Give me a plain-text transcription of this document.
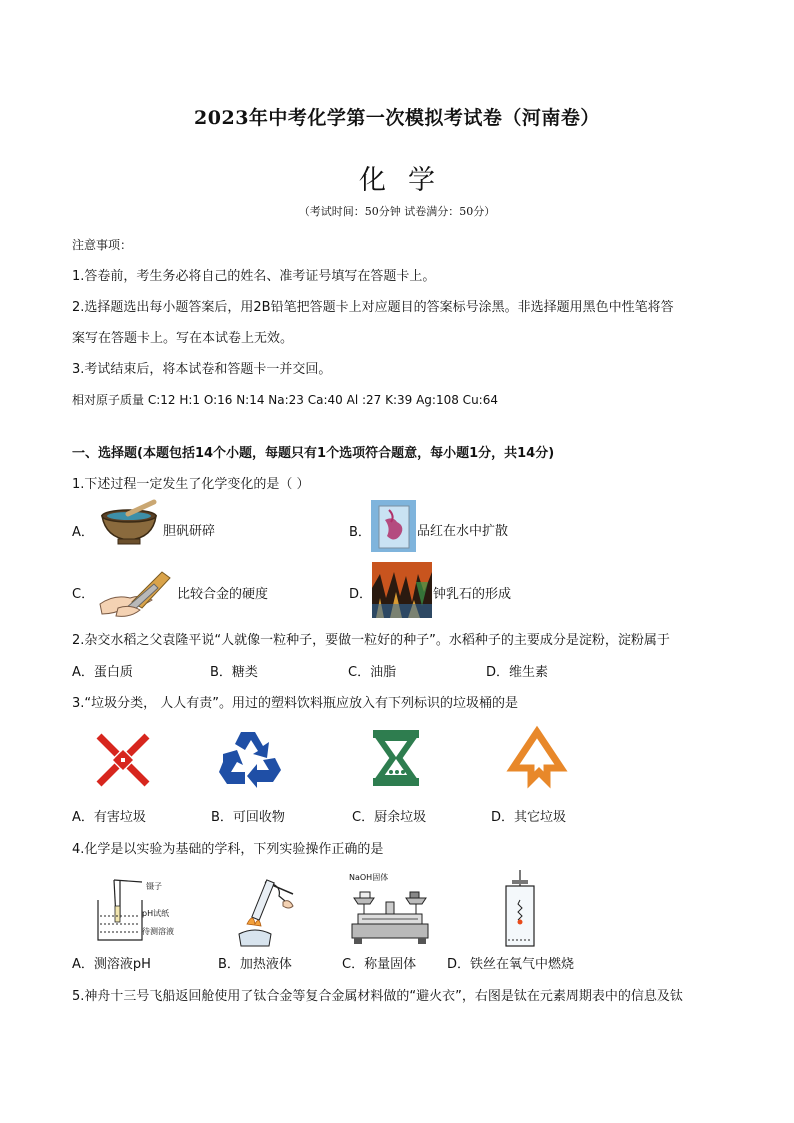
2023年中考化学第一次模拟考试卷（河南卷）
化学
（考试时间：50分钟 试卷满分：50分）
注意事项：
1.答卷前，考生务必将自己的姓名、准考证号填写在答题卡上。
2.选择题选出每小题答案后，用2B铅笔把答题卡上对应题目的答案标号涂黑。非选择题用黑色中性笔将答
案写在答题卡上。写在本试卷上无效。
3.考试结束后，将本试卷和答题卡一并交回。
相对原子质量 C:12 H:1 O:16 N:14 Na:23 Ca:40 Al :27 K:39 Ag:108 Cu:64
一、选择题(本题包括14个小题，每题只有1个选项符合题意，每小题1分，共14分)
1.下述过程一定发生了化学变化的是（ ）
A．	胆矾研碎	B．	品红在水中扩散
C．	比较合金的硬度	D．	钟乳石的形成
2.杂交水稻之父袁隆平说“人就像一粒种子，要做一粒好的种子”。水稻种子的主要成分是淀粉，淀粉属于
A．蛋白质	B．糖类	C．油脂	D．维生素
3.“垃圾分类， 人人有责”。用过的塑料饮料瓶应放入有下列标识的垃圾桶的是
A．有害垃圾	B．可回收物	C．厨余垃圾	D．其它垃圾
4.化学是以实验为基础的学科，下列实验操作正确的是
镊子
pH试纸
待测溶液
NaOH固体
A．测溶液pH	B．加热液体	C．称量固体 D．铁丝在氧气中燃烧
5.神舟十三号飞船返回舱使用了钛合金等复合金属材料做的“避火衣”，右图是钛在元素周期表中的信息及钛
